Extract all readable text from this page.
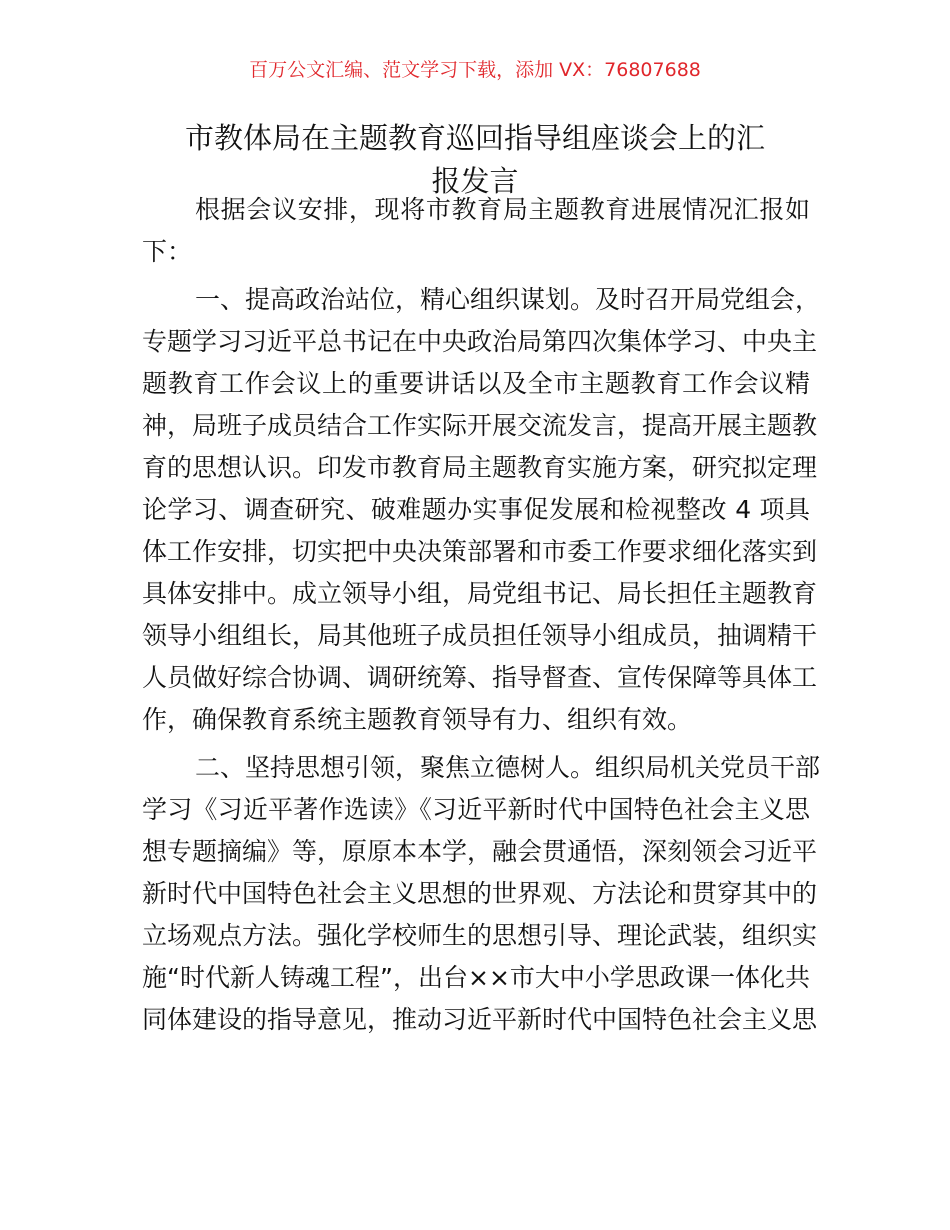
百万公文汇编、范文学习下载，添加 VX：76807688
市教体局在主题教育巡回指导组座谈会上的汇
报发言
根据会议安排，现将市教育局主题教育进展情况汇报如
下：
一、提高政治站位，精心组织谋划。及时召开局党组会，
专题学习习近平总书记在中央政治局第四次集体学习、中央主
题教育工作会议上的重要讲话以及全市主题教育工作会议精
神，局班子成员结合工作实际开展交流发言，提高开展主题教
育的思想认识。印发市教育局主题教育实施方案，研究拟定理
论学习、调查研究、破难题办实事促发展和检视整改 4 项具
体工作安排，切实把中央决策部署和市委工作要求细化落实到
具体安排中。成立领导小组，局党组书记、局长担任主题教育
领导小组组长，局其他班子成员担任领导小组成员，抽调精干
人员做好综合协调、调研统筹、指导督查、宣传保障等具体工
作，确保教育系统主题教育领导有力、组织有效。
二、坚持思想引领，聚焦立德树人。组织局机关党员干部
学习《习近平著作选读》《习近平新时代中国特色社会主义思
想专题摘编》等，原原本本学，融会贯通悟，深刻领会习近平
新时代中国特色社会主义思想的世界观、方法论和贯穿其中的
立场观点方法。强化学校师生的思想引导、理论武装，组织实
施“时代新人铸魂工程”，出台××市大中小学思政课一体化共
同体建设的指导意见，推动习近平新时代中国特色社会主义思
